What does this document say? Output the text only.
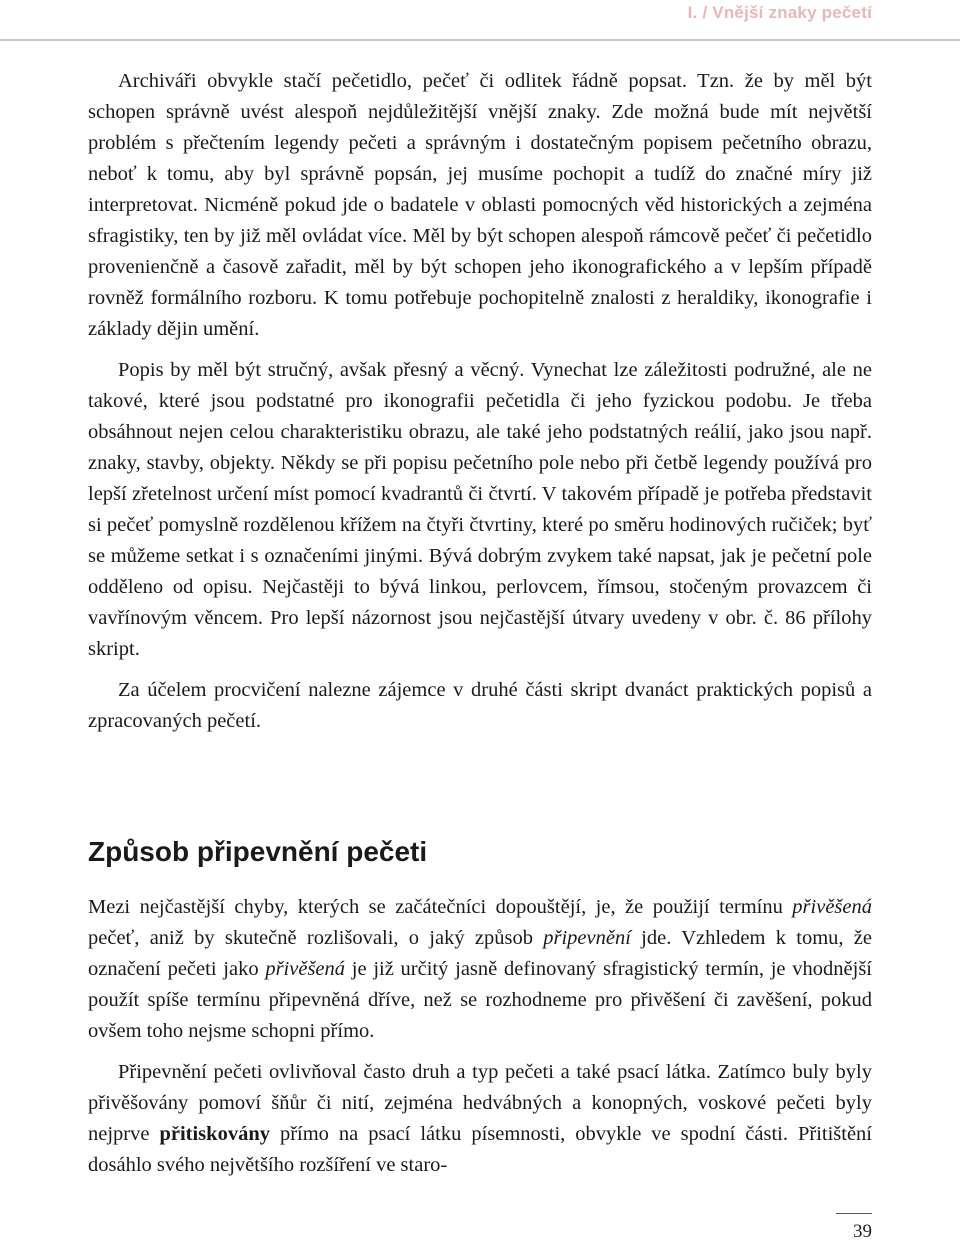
I. / Vnější znaky pečetí

Archiváři obvykle stačí pečetidlo, pečeť či odlitek řádně popsat. Tzn. že by měl být schopen správně uvést alespoň nejdůležitější vnější znaky. Zde možná bude mít největší problém s přečtením legendy pečeti a správným i dostatečným popisem pečetního obrazu, neboť k tomu, aby byl správně popsán, jej musíme pochopit a tudíž do značné míry již interpretovat. Nicméně pokud jde o badatele v oblasti pomocných věd historických a zejména sfragistiky, ten by již měl ovládat více. Měl by být schopen alespoň rámcově pečeť či pečetidlo provenienčně a časově zařadit, měl by být schopen jeho ikonografického a v lepším případě rovněž formálního rozboru. K tomu potřebuje pochopitelně znalosti z heraldiky, ikonografie i základy dějin umění.

Popis by měl být stručný, avšak přesný a věcný. Vynechat lze záležitosti podružné, ale ne takové, které jsou podstatné pro ikonografii pečetidla či jeho fyzickou podobu. Je třeba obsáhnout nejen celou charakteristiku obrazu, ale také jeho podstatných reálií, jako jsou např. znaky, stavby, objekty. Někdy se při popisu pečetního pole nebo při četbě legendy používá pro lepší zřetelnost určení míst pomocí kvadrantů či čtvrtí. V takovém případě je potřeba představit si pečeť pomyslně rozdělenou křížem na čtyři čtvrtiny, které po směru hodinových ručiček; byť se můžeme setkat i s označeními jinými. Bývá dobrým zvykem také napsat, jak je pečetní pole odděleno od opisu. Nejčastěji to bývá linkou, perlovcem, římsou, stočeným provazcem či vavřínovým věncem. Pro lepší názornost jsou nejčastější útvary uvedeny v obr. č. 86 přílohy skript.

Za účelem procvičení nalezne zájemce v druhé části skript dvanáct praktických popisů a zpracovaných pečetí.

Způsob připevnění pečeti

Mezi nejčastější chyby, kterých se začátečníci dopouštějí, je, že použijí termínu přivěšená pečeť, aniž by skutečně rozlišovali, o jaký způsob připevnění jde. Vzhledem k tomu, že označení pečeti jako přivěšená je již určitý jasně definovaný sfragistický termín, je vhodnější použít spíše termínu připevněná dříve, než se rozhodneme pro přivěšení či zavěšení, pokud ovšem toho nejsme schopni přímo.

Připevnění pečeti ovlivňoval často druh a typ pečeti a také psací látka. Zatímco buly byly přivěšovány pomoví šňůr či nití, zejména hedvábných a konopných, voskové pečeti byly nejprve přitiskovány přímo na psací látku písemnosti, obvykle ve spodní části. Přitištění dosáhlo svého největšího rozšíření ve staro-

39
